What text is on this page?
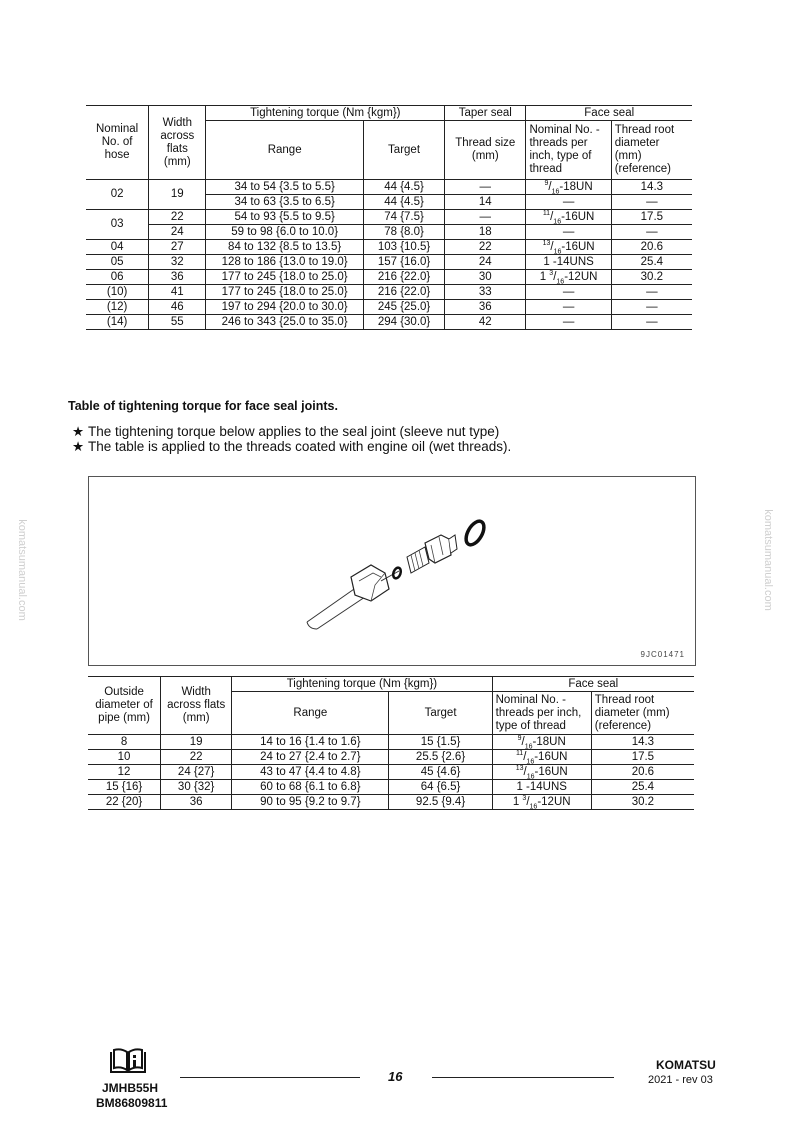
Nominal No. of hose	Width across flats (mm)	Tightening torque (Nm {kgm})		Taper seal	Face seal	
		Range	Target	Thread size (mm)	Nominal No. - threads per inch, type of thread	Thread root diameter (mm) (reference)
02	19	34 to 54 {3.5 to 5.5}	44 {4.5}	—	$^9/_{16}-18UN$	14.3
		34 to 63 {3.5 to 6.5}	44 {4.5}	14	—	—
03	22	54 to 93 {5.5 to 9.5}	74 {7.5}	—	$^{11}/_{16}-16UN$	17.5
	24	59 to 98 {6.0 to 10.0}	78 {8.0}	18	—	—
04	27	84 to 132 {8.5 to 13.5}	103 {10.5}	22	$^{13}/_{16}-16UN$	20.6
05	32	128 to 186 {13.0 to 19.0}	157 {16.0}	24	1 -14UNS	25.4
06	36	177 to 245 {18.0 to 25.0}	216 {22.0}	30	1 $^3/_{16}-12UN$	30.2
(10)	41	177 to 245 {18.0 to 25.0}	216 {22.0}	33	—	—
(12)	46	197 to 294 {20.0 to 30.0}	245 {25.0}	36	—	—
(14)	55	246 to 343 {25.0 to 35.0}	294 {30.0}	42	—	—
Table of tightening torque for face seal joints.
★ The tightening torque below applies to the seal joint (sleeve nut type)
★ The table is applied to the threads coated with engine oil (wet threads).
9JC01471
Outside diameter of pipe (mm)	Width across flats (mm)	Tightening torque (Nm {kgm})		Face seal	
		Range	Target	Nominal No. - threads per inch, type of thread	Thread root diameter (mm) (reference)
8	19	14 to 16 {1.4 to 1.6}	15 {1.5}	$^9/_{16}-18UN$	14.3
10	22	24 to 27 {2.4 to 2.7}	25.5 {2.6}	$^{11}/_{16}-16UN$	17.5
12	24 {27}	43 to 47 {4.4 to 4.8}	45 {4.6}	$^{13}/_{16}-16UN$	20.6
15 {16}	30 {32}	60 to 68 {6.1 to 6.8}	64 {6.5}	1 -14UNS	25.4
22 {20}	36	90 to 95 {9.2 to 9.7}	92.5 {9.4}	1 $^3/_{16}-12UN$	30.2
komatsumanual.com	komatsumanual.com
JMHB55H
BM86809811
16
KOMATSU
2021 - rev 03
